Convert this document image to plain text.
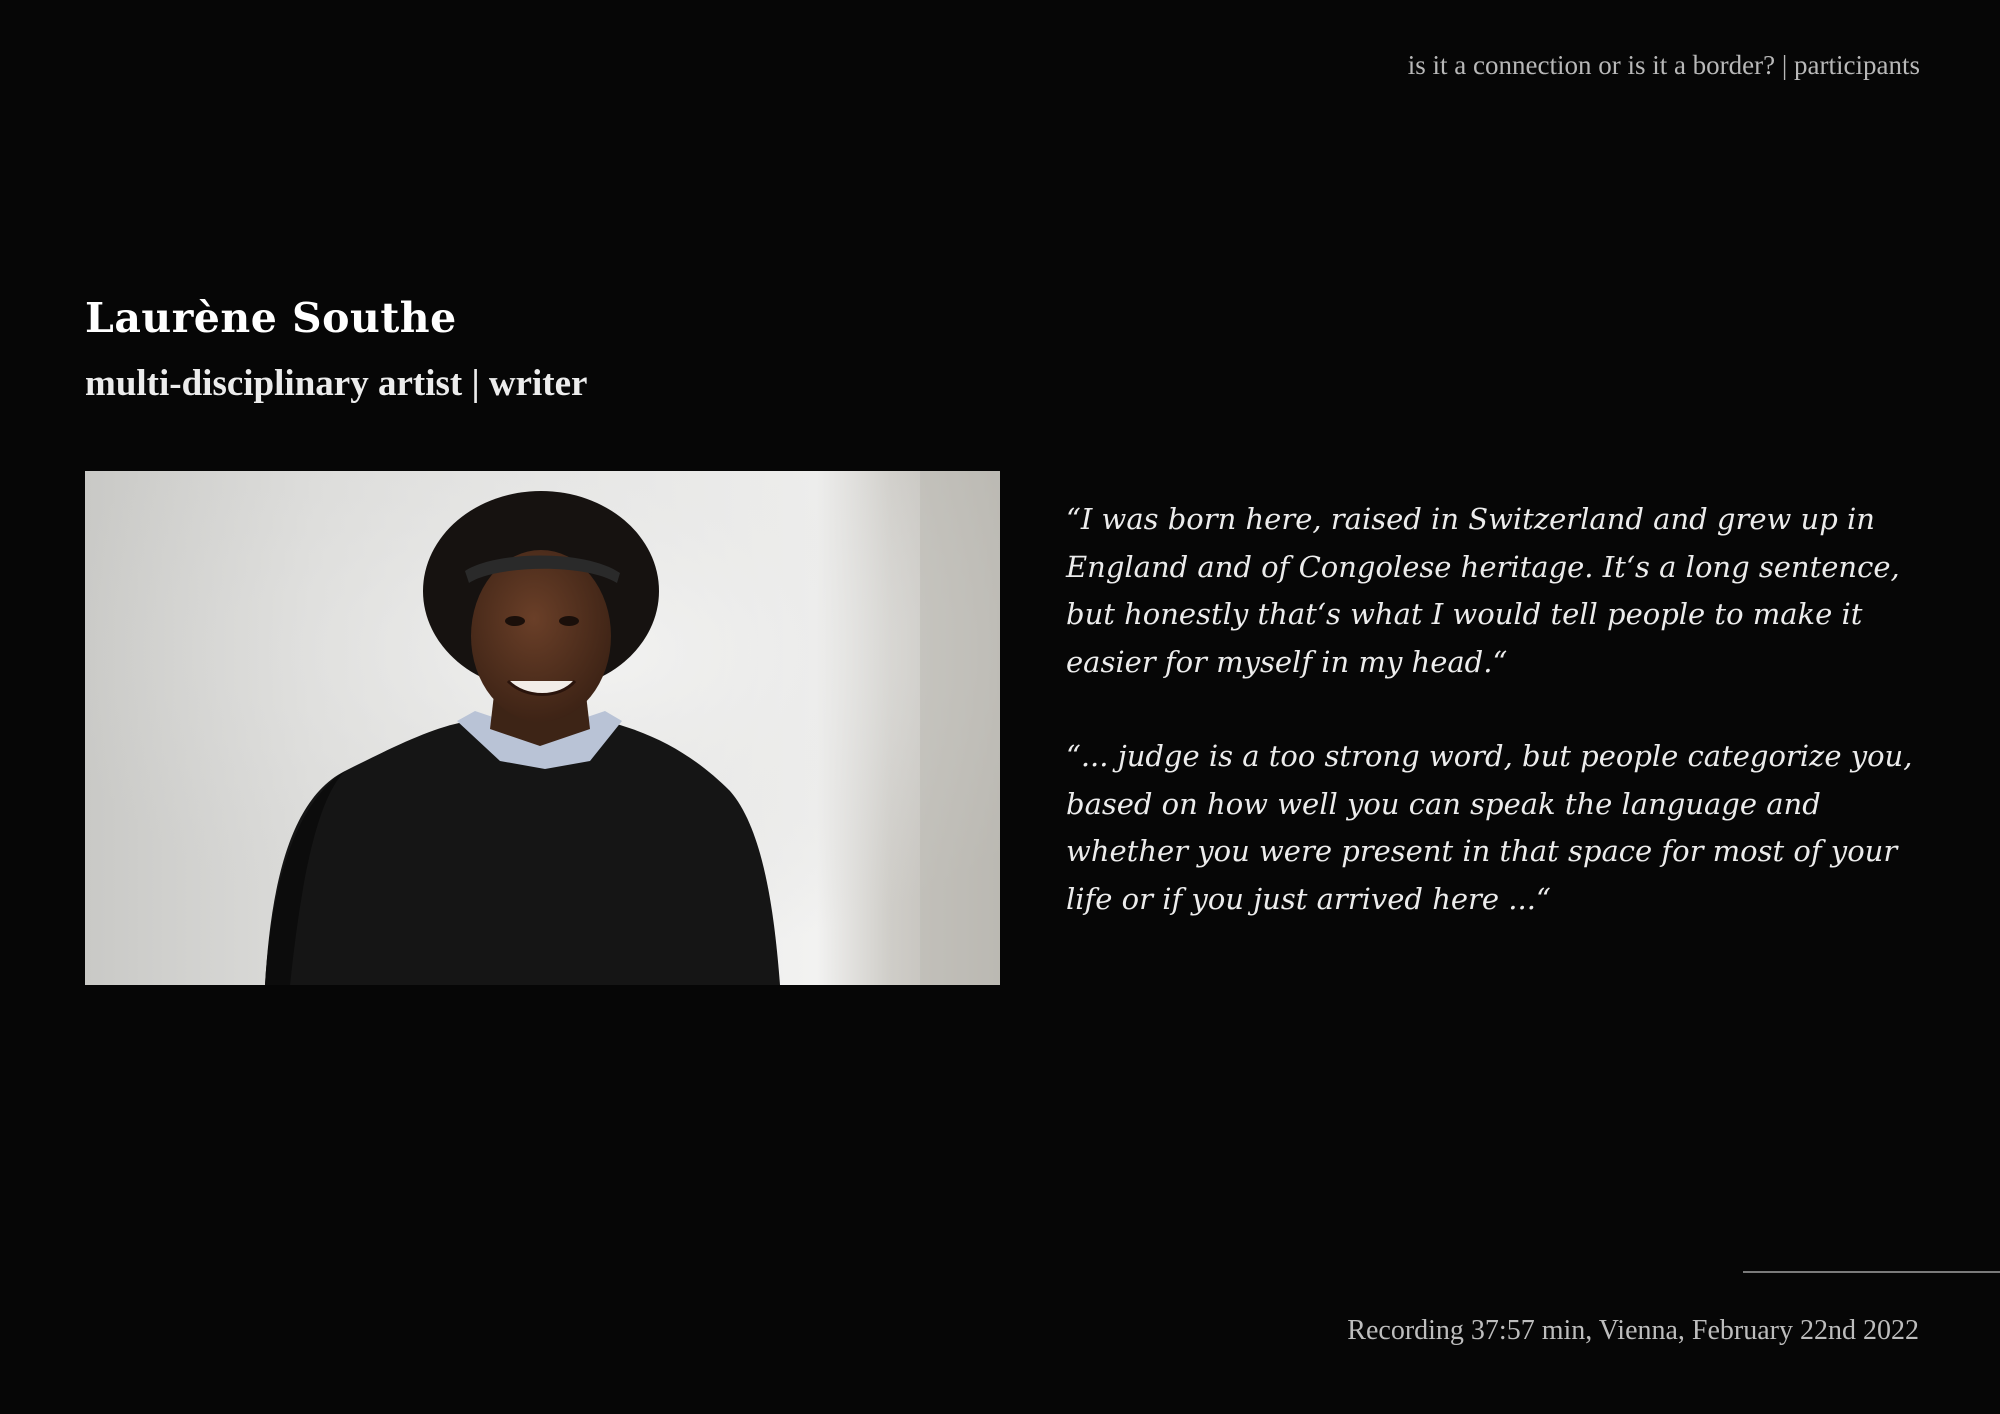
is it a connection or is it a border? | participants
Laurène Southe
multi-disciplinary artist | writer

“I was born here, raised in Switzerland and grew up in England and of Congolese heritage. It‘s a long sentence, but honestly that‘s what I would tell people to make it easier for myself in my head.“

“... judge is a too strong word, but people categorize you, based on how well you can speak the language and whether you were present in that space for most of your life or if you just arrived here ...“

Recording 37:57 min, Vienna, February 22nd 2022
